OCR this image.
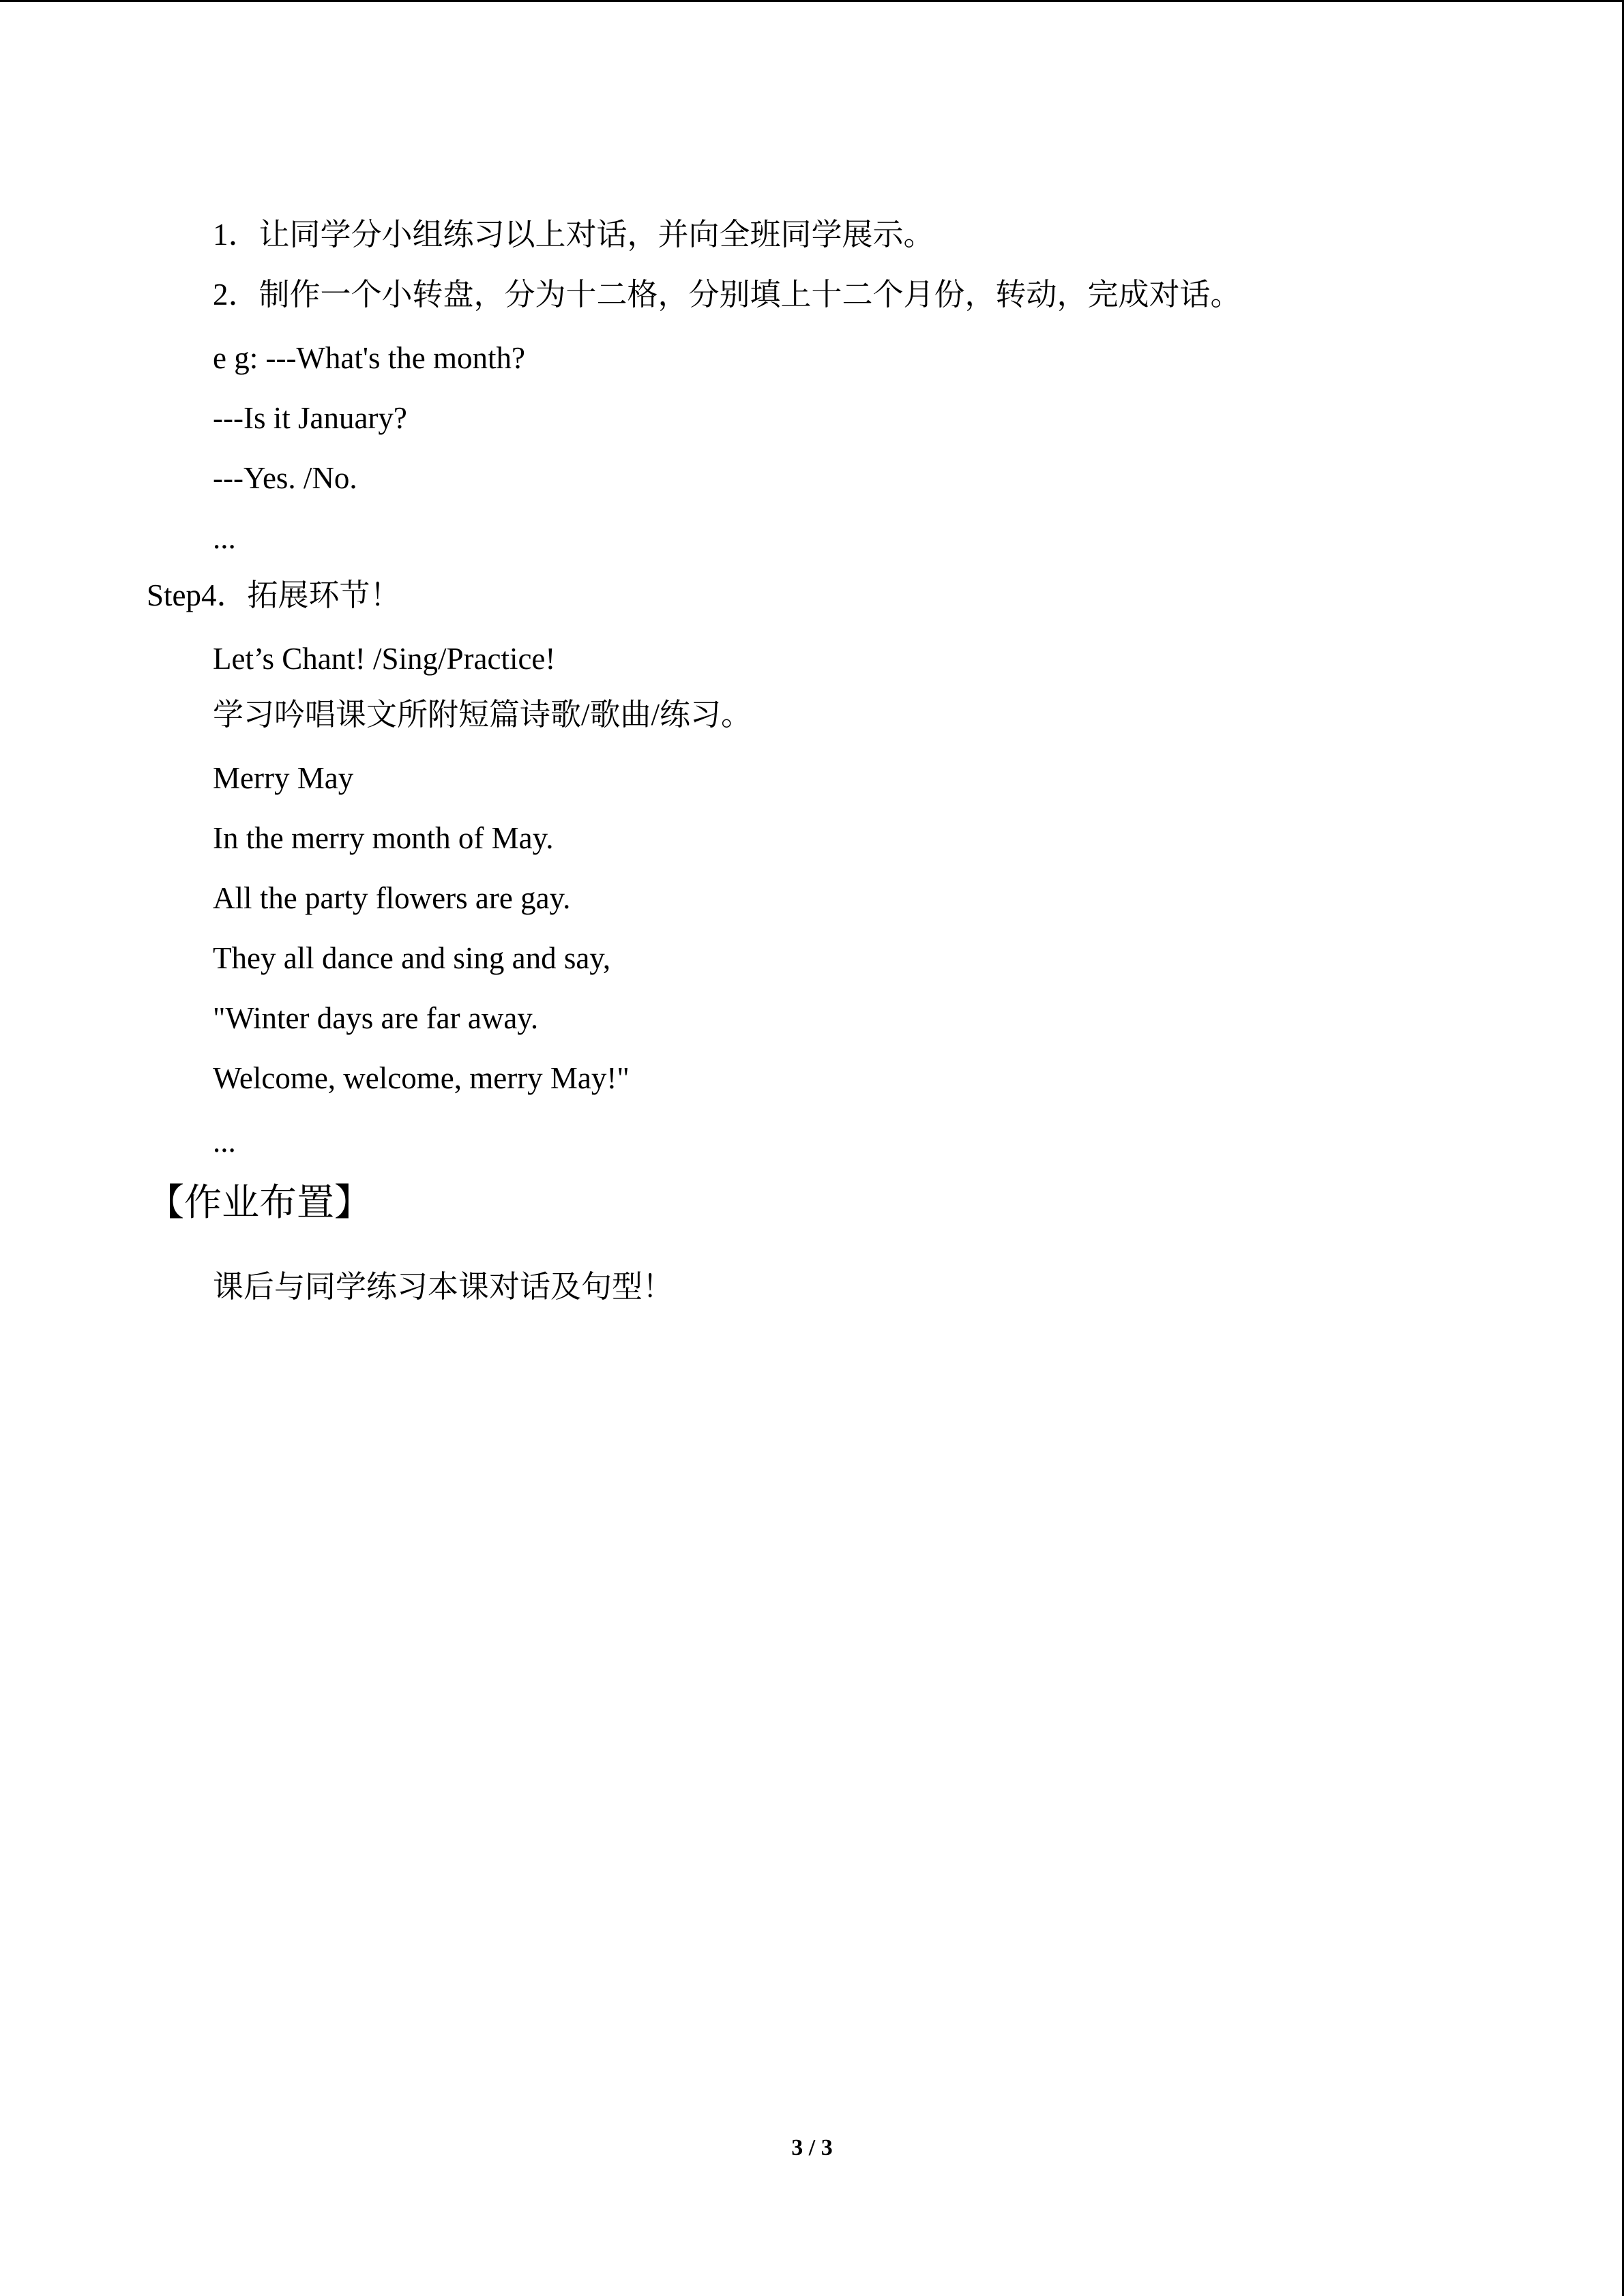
1．让同学分小组练习以上对话，并向全班同学展示。
2．制作一个小转盘，分为十二格，分别填上十二个月份，转动，完成对话。
e g: ---What's the month?
---Is it January?
---Yes. /No.
...
Step4．拓展环节！
Let’s Chant! /Sing/Practice!
学习吟唱课文所附短篇诗歌/歌曲/练习。
Merry May
In the merry month of May.
All the party flowers are gay.
They all dance and sing and say,
"Winter days are far away.
Welcome, welcome, merry May!"
...
【作业布置】
课后与同学练习本课对话及句型！
3 / 3
